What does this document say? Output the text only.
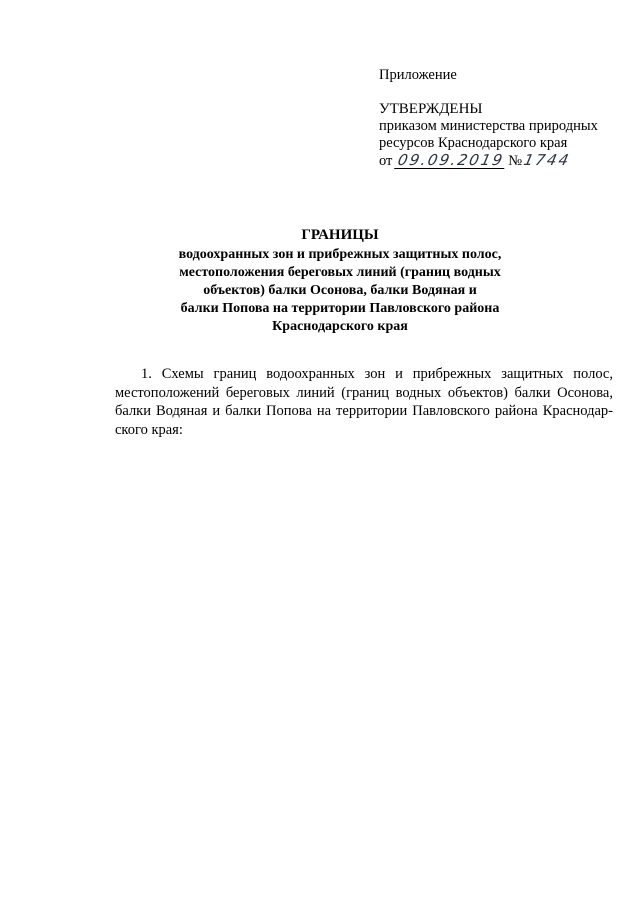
Приложение
УТВЕРЖДЕНЫ
приказом министерства природных
ресурсов Краснодарского края
от 09.09.2019 № 1744
ГРАНИЦЫ
водоохранных зон и прибрежных защитных полос,
местоположения береговых линий (границ водных
объектов) балки Осонова, балки Водяная и
балки Попова на территории Павловского района
Краснодарского края
1. Схемы границ водоохранных зон и прибрежных защитных полос,
местоположений береговых линий (границ водных объектов) балки Осонова,
балки Водяная и балки Попова на территории Павловского района Краснодар-
ского края:
